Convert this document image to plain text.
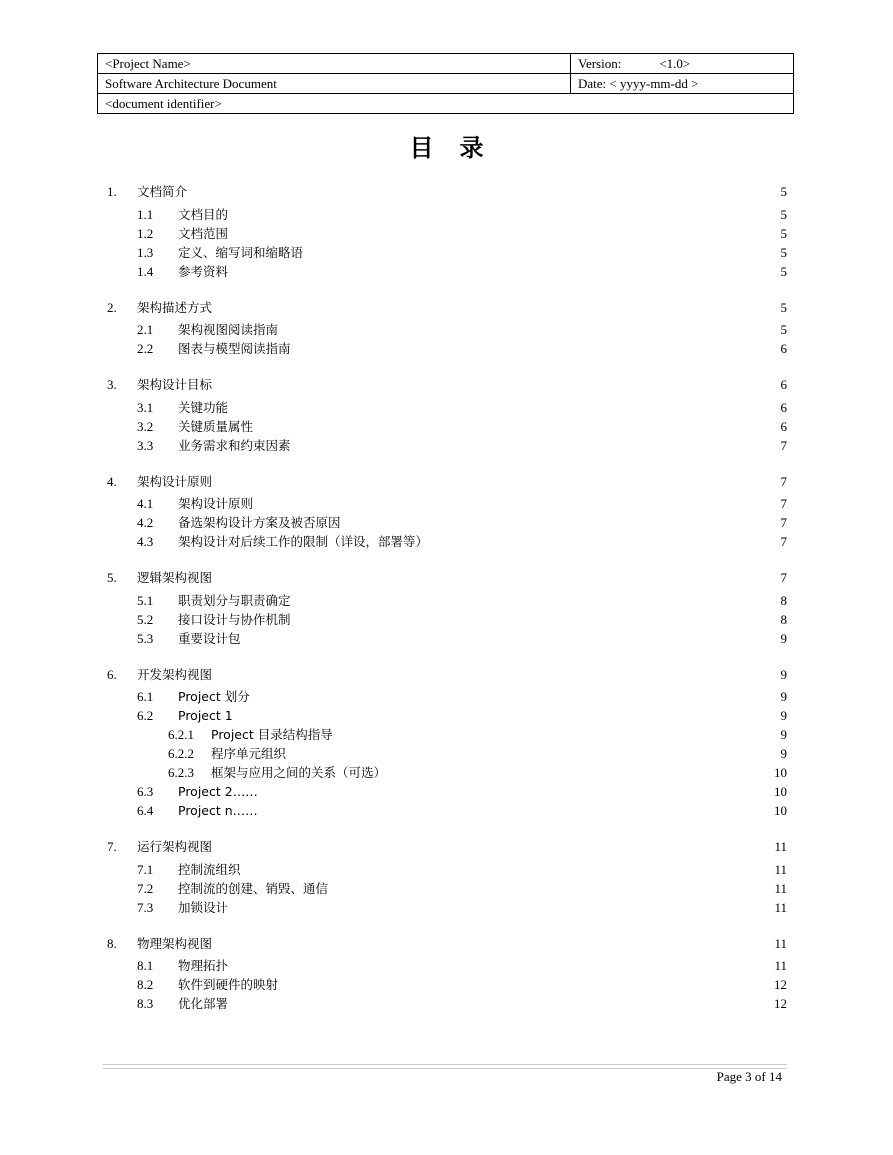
<Project Name>	Version: <1.0>
Software Architecture Document	Date: < yyyy-mm-dd >
<document identifier>	
目录
1. 文档简介	5
1.1 文档目的	5
1.2 文档范围	5
1.3 定义、缩写词和缩略语	5
1.4 参考资料	5
2. 架构描述方式	5
2.1 架构视图阅读指南	5
2.2 图表与模型阅读指南	6
3. 架构设计目标	6
3.1 关键功能	6
3.2 关键质量属性	6
3.3 业务需求和约束因素	7
4. 架构设计原则	7
4.1 架构设计原则	7
4.2 备选架构设计方案及被否原因	7
4.3 架构设计对后续工作的限制（详设，部署等）	7
5. 逻辑架构视图	7
5.1 职责划分与职责确定	8
5.2 接口设计与协作机制	8
5.3 重要设计包	9
6. 开发架构视图	9
6.1 Project 划分	9
6.2 Project 1	9
6.2.1 Project 目录结构指导	9
6.2.2 程序单元组织	9
6.2.3 框架与应用之间的关系（可选）	10
6.3 Project 2……	10
6.4 Project n……	10
7. 运行架构视图	11
7.1 控制流组织	11
7.2 控制流的创建、销毁、通信	11
7.3 加锁设计	11
8. 物理架构视图	11
8.1 物理拓扑	11
8.2 软件到硬件的映射	12
8.3 优化部署	12
Page 3 of 14
